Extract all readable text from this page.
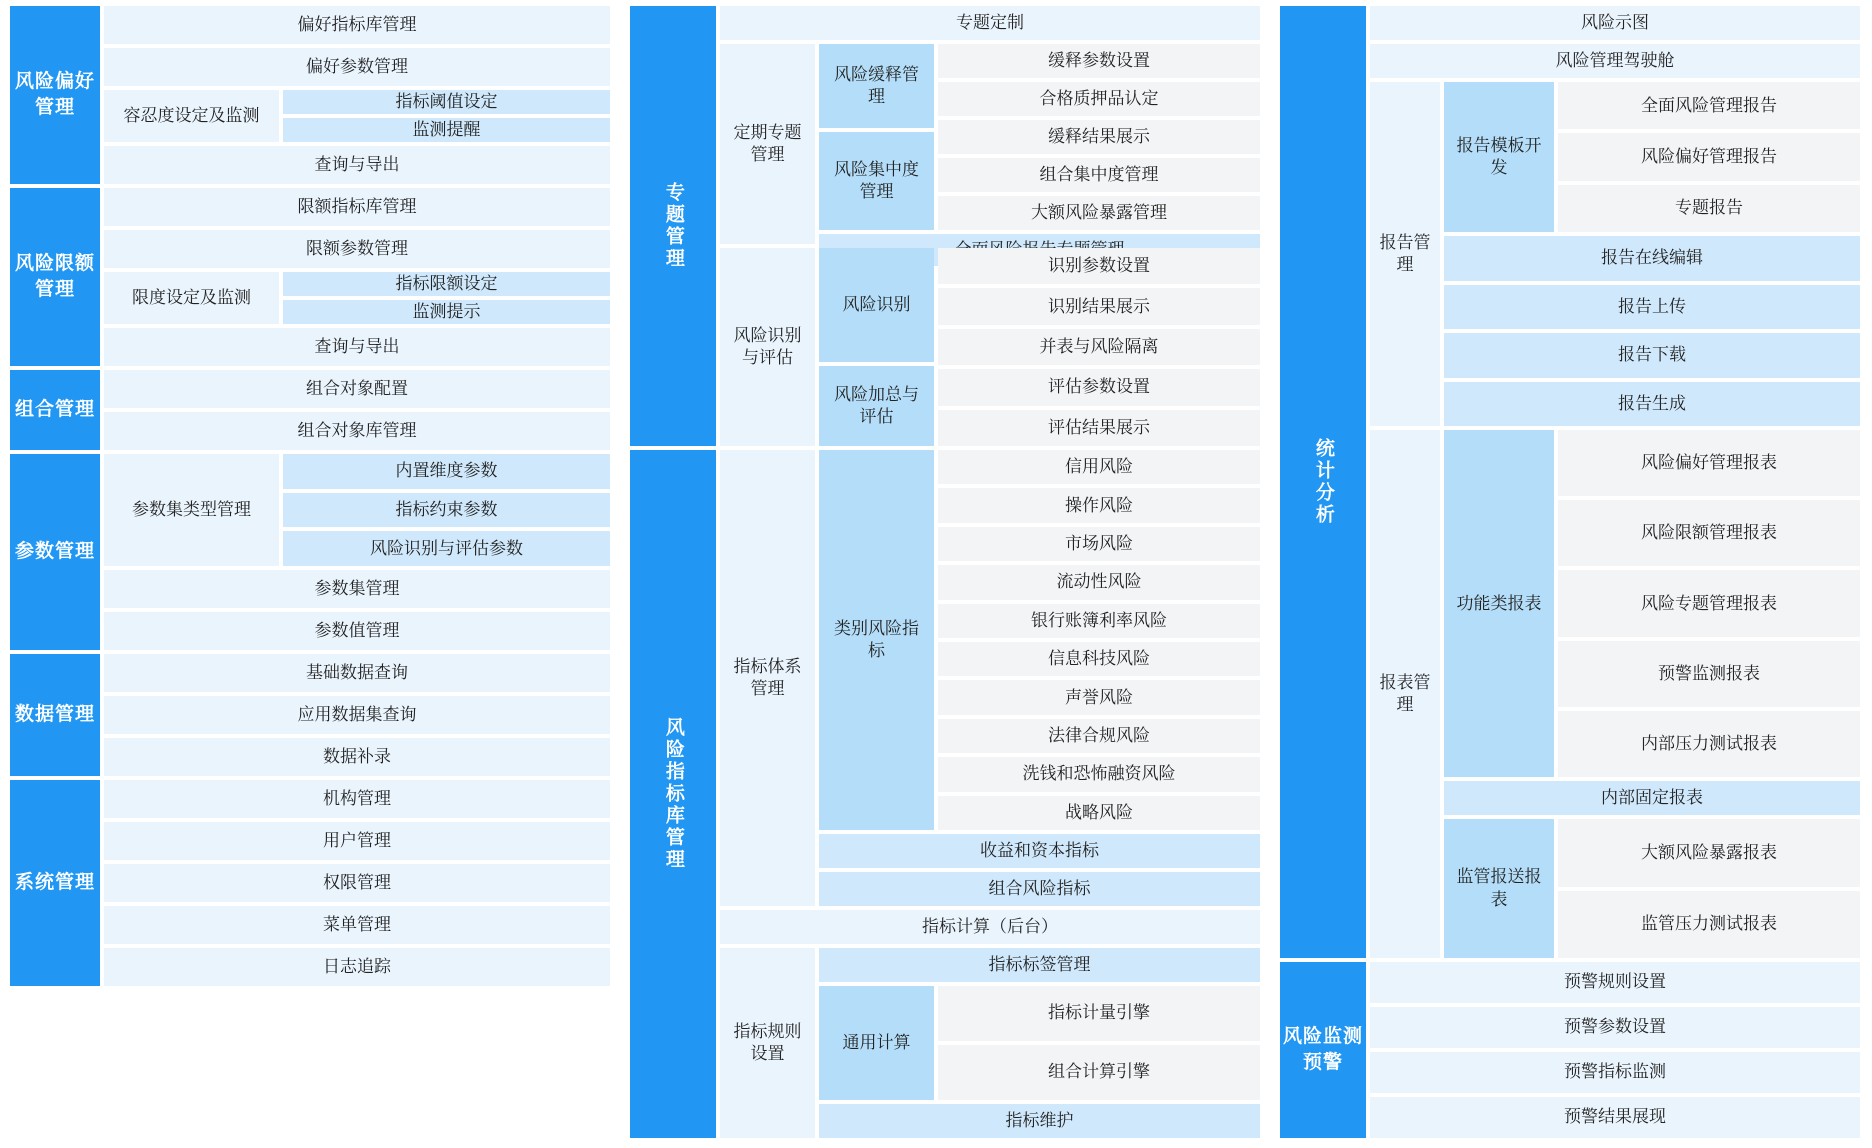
风险偏好管理
偏好指标库管理
偏好参数管理
容忍度设定及监测
指标阈值设定
监测提醒
查询与导出
风险限额管理
限额指标库管理
限额参数管理
限度设定及监测
指标限额设定
监测提示
查询与导出
组合管理
组合对象配置
组合对象库管理
参数管理
参数集类型管理
内置维度参数
指标约束参数
风险识别与评估参数
参数集管理
参数值管理
数据管理
基础数据查询
应用数据集查询
数据补录
系统管理
机构管理
用户管理
权限管理
菜单管理
日志追踪
专题管理
专题定制
定期专题管理
风险缓释管理
风险集中度管理
缓释参数设置
合格质押品认定
缓释结果展示
组合集中度管理
大额风险暴露管理
风险识别与评估
风险识别
风险加总与评估
识别参数设置
识别结果展示
并表与风险隔离
评估参数设置
评估结果展示
风险指标库管理
指标体系管理
类别风险指标
信用风险
操作风险
市场风险
流动性风险
银行账簿利率风险
信息科技风险
声誉风险
法律合规风险
洗钱和恐怖融资风险
战略风险
收益和资本指标
组合风险指标
指标计算（后台）
指标规则设置
指标标签管理
通用计算
指标计量引擎
组合计算引擎
指标维护
统计分析
风险示图
风险管理驾驶舱
报告管理
报告模板开发
全面风险管理报告
风险偏好管理报告
专题报告
报告在线编辑
报告上传
报告下载
报告生成
报表管理
功能类报表
风险偏好管理报表
风险限额管理报表
风险专题管理报表
预警监测报表
内部压力测试报表
内部固定报表
监管报送报表
大额风险暴露报表
监管压力测试报表
风险监测预警
预警规则设置
预警参数设置
预警指标监测
预警结果展现
